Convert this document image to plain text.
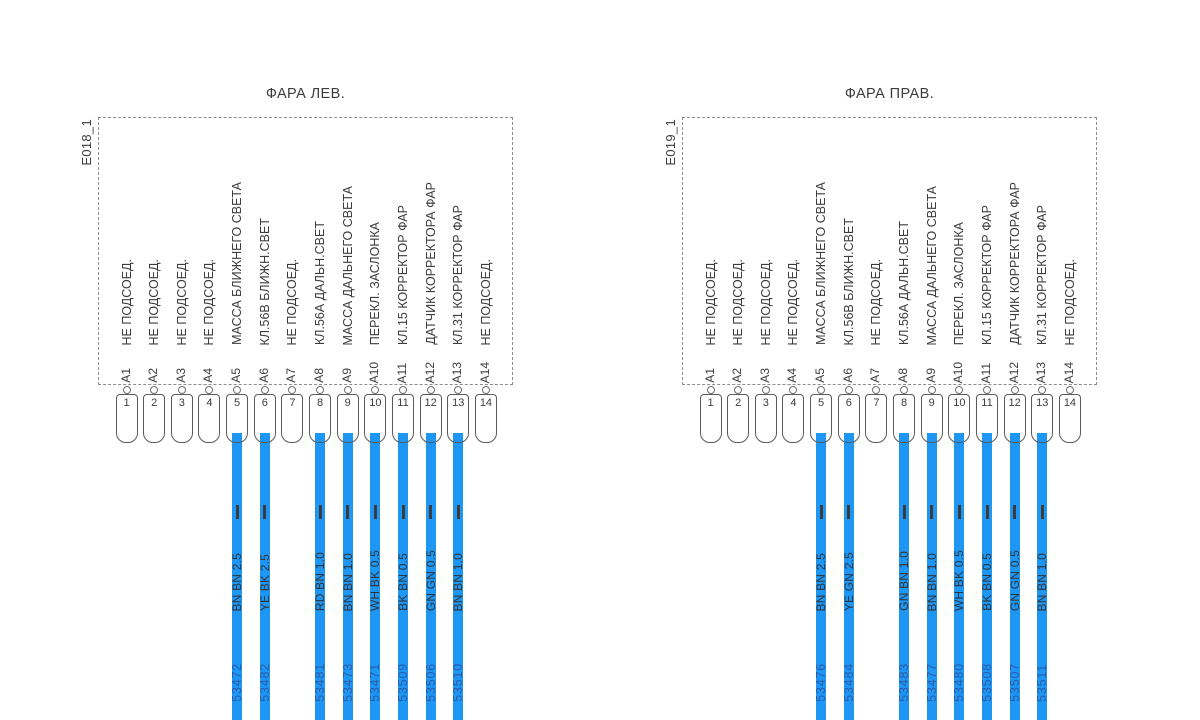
ФАРА ЛЕВ.
E018_1
НЕ ПОДСОЕД.
A1
1
НЕ ПОДСОЕД.
A2
2
НЕ ПОДСОЕД.
A3
3
НЕ ПОДСОЕД.
A4
4
МАССА БЛИЖНЕГО СВЕТА
A5
5
BN BN 2.5
53472
КЛ.56В БЛИЖН.СВЕТ
A6
6
YE BK 2.5
53482
НЕ ПОДСОЕД.
A7
7
КЛ.56А ДАЛЬН.СВЕТ
A8
8
RD BN 1.0
53481
МАССА ДАЛЬНЕГО СВЕТА
A9
9
BN BN 1.0
53473
ПЕРЕКЛ. ЗАСЛОНКА
A10
10
WH BK 0.5
53471
КЛ.15 КОРРЕКТОР ФАР
A11
11
BK BN 0.5
53509
ДАТЧИК КОРРЕКТОРА ФАР
A12
12
GN GN 0.5
53506
КЛ.31 КОРРЕКТОР ФАР
A13
13
BN BN 1.0
53510
НЕ ПОДСОЕД.
A14
14
ФАРА ПРАВ.
E019_1
НЕ ПОДСОЕД.
A1
1
НЕ ПОДСОЕД.
A2
2
НЕ ПОДСОЕД.
A3
3
НЕ ПОДСОЕД.
A4
4
МАССА БЛИЖНЕГО СВЕТА
A5
5
BN BN 2.5
53476
КЛ.56В БЛИЖН.СВЕТ
A6
6
YE GN 2.5
53484
НЕ ПОДСОЕД.
A7
7
КЛ.56А ДАЛЬН.СВЕТ
A8
8
GN BN 1.0
53483
МАССА ДАЛЬНЕГО СВЕТА
A9
9
BN BN 1.0
53477
ПЕРЕКЛ. ЗАСЛОНКА
A10
10
WH BK 0.5
53480
КЛ.15 КОРРЕКТОР ФАР
A11
11
BK BN 0.5
53508
ДАТЧИК КОРРЕКТОРА ФАР
A12
12
GN GN 0.5
53507
КЛ.31 КОРРЕКТОР ФАР
A13
13
BN BN 1.0
53511
НЕ ПОДСОЕД.
A14
14
